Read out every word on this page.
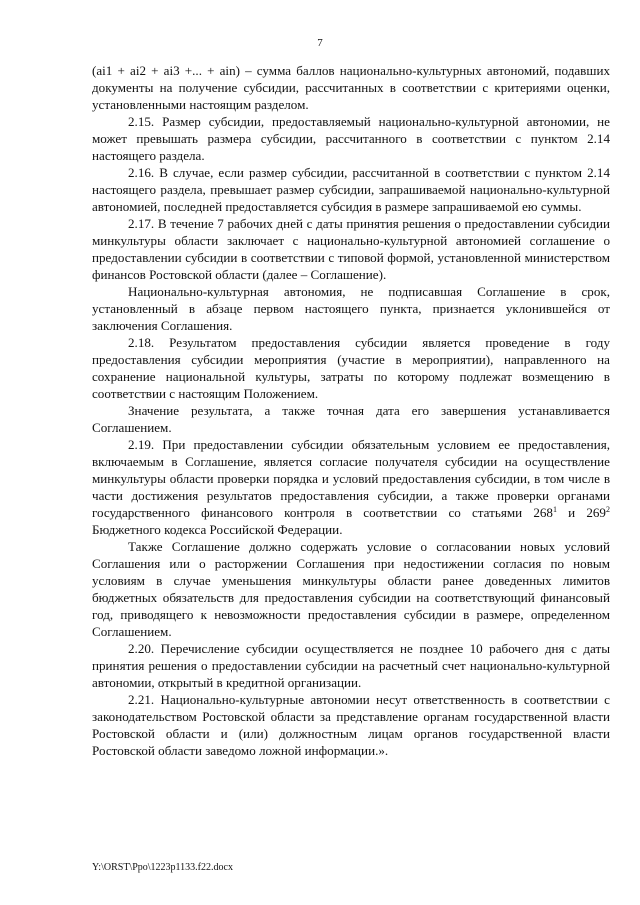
7

(ai1 + ai2 + ai3 +... + ain) – сумма баллов национально-культурных автономий, подавших документы на получение субсидии, рассчитанных в соответствии с критериями оценки, установленными настоящим разделом.

2.15. Размер субсидии, предоставляемый национально-культурной автономии, не может превышать размера субсидии, рассчитанного в соответствии с пунктом 2.14 настоящего раздела.

2.16. В случае, если размер субсидии, рассчитанной в соответствии с пунктом 2.14 настоящего раздела, превышает размер субсидии, запрашиваемой национально-культурной автономией, последней предоставляется субсидия в размере запрашиваемой ею суммы.

2.17. В течение 7 рабочих дней с даты принятия решения о предоставлении субсидии минкультуры области заключает с национально-культурной автономией соглашение о предоставлении субсидии в соответствии с типовой формой, установленной министерством финансов Ростовской области (далее – Соглашение).

Национально-культурная автономия, не подписавшая Соглашение в срок, установленный в абзаце первом настоящего пункта, признается уклонившейся от заключения Соглашения.

2.18. Результатом предоставления субсидии является проведение в году предоставления субсидии мероприятия (участие в мероприятии), направленного на сохранение национальной культуры, затраты по которому подлежат возмещению в соответствии с настоящим Положением.

Значение результата, а также точная дата его завершения устанавливается Соглашением.

2.19. При предоставлении субсидии обязательным условием ее предоставления, включаемым в Соглашение, является согласие получателя субсидии на осуществление минкультуры области проверки порядка и условий предоставления субсидии, в том числе в части достижения результатов предоставления субсидии, а также проверки органами государственного финансового контроля в соответствии со статьями $268^1$ и $269^2$ Бюджетного кодекса Российской Федерации.

Также Соглашение должно содержать условие о согласовании новых условий Соглашения или о расторжении Соглашения при недостижении согласия по новым условиям в случае уменьшения минкультуры области ранее доведенных лимитов бюджетных обязательств для предоставления субсидии на соответствующий финансовый год, приводящего к невозможности предоставления субсидии в размере, определенном Соглашением.

2.20. Перечисление субсидии осуществляется не позднее 10 рабочего дня с даты принятия решения о предоставлении субсидии на расчетный счет национально-культурной автономии, открытый в кредитной организации.

2.21. Национально-культурные автономии несут ответственность в соответствии с законодательством Ростовской области за представление органам государственной власти Ростовской области и (или) должностным лицам органов государственной власти Ростовской области заведомо ложной информации.».

Y:\ORST\Ppo\1223p1133.f22.docx
